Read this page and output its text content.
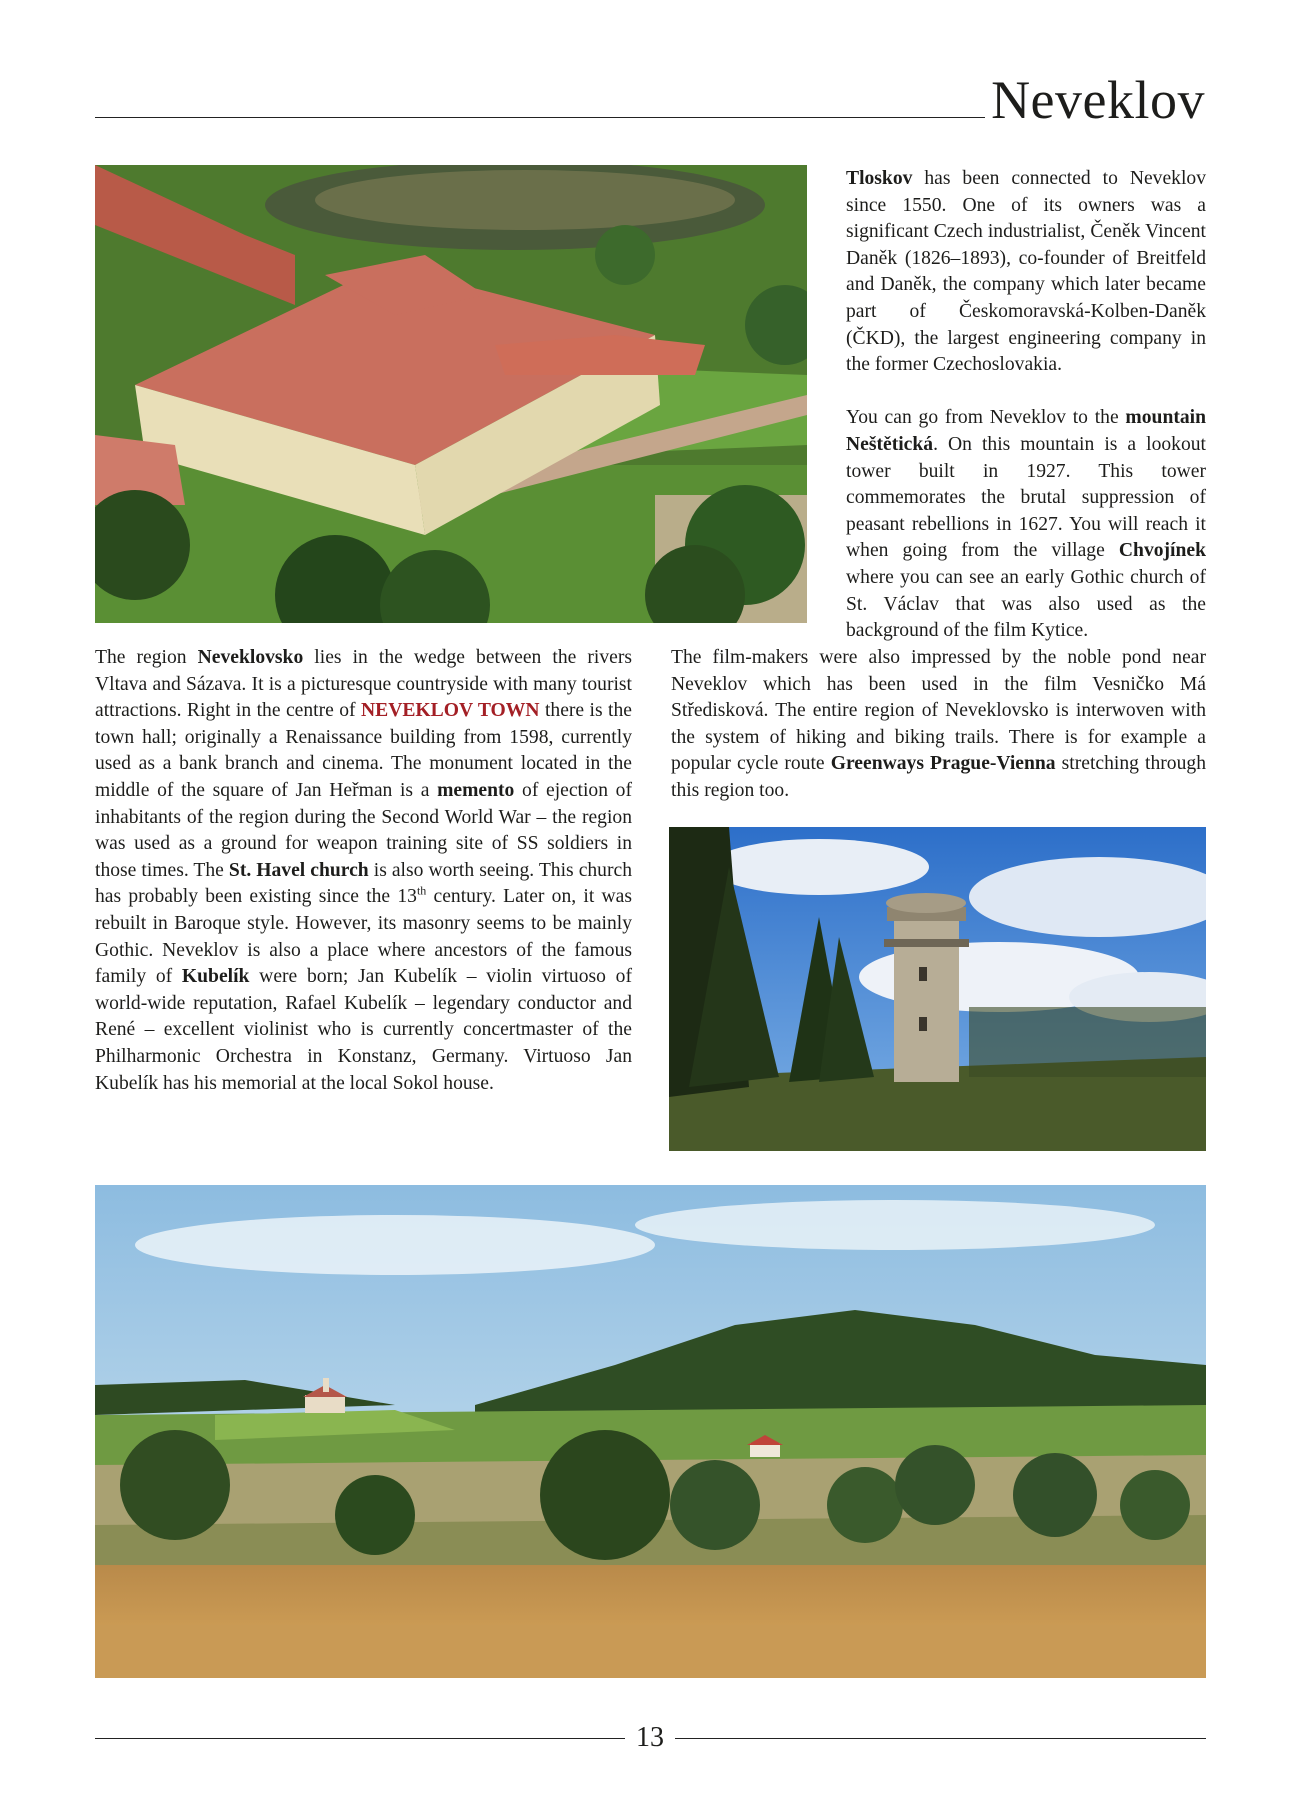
Neveklov

Tloskov has been connected to Neveklov since 1550. One of its owners was a significant Czech industrialist, Čeněk Vincent Daněk (1826–1893), co-founder of Breitfeld and Daněk, the company which later became part of Českomoravská-Kolben-Daněk (ČKD), the largest engineering company in the former Czechoslovakia.

You can go from Neveklov to the mountain Neštětická. On this mountain is a lookout tower built in 1927. This tower commemorates the brutal suppression of peasant rebellions in 1627. You will reach it when going from the village Chvojínek where you can see an early Gothic church of St. Václav that was also used as the background of the film Kytice.

The film-makers were also impressed by the noble pond near Neveklov which has been used in the film Vesničko Má Středisková. The entire region of Neveklovsko is interwoven with the system of hiking and biking trails. There is for example a popular cycle route Greenways Prague-Vienna stretching through this region too.

The region Neveklovsko lies in the wedge between the rivers Vltava and Sázava. It is a picturesque countryside with many tourist attractions. Right in the centre of NEVEKLOV TOWN there is the town hall; originally a Renaissance building from 1598, currently used as a bank branch and cinema. The monument located in the middle of the square of Jan Heřman is a memento of ejection of inhabitants of the region during the Second World War – the region was used as a ground for weapon training site of SS soldiers in those times. The St. Havel church is also worth seeing. This church has probably been existing since the 13th century. Later on, it was rebuilt in Baroque style. However, its masonry seems to be mainly Gothic. Neveklov is also a place where ancestors of the famous family of Kubelík were born; Jan Kubelík – violin virtuoso of world-wide reputation, Rafael Kubelík – legendary conductor and René – excellent violinist who is currently concertmaster of the Philharmonic Orchestra in Konstanz, Germany. Virtuoso Jan Kubelík has his memorial at the local Sokol house.

13
